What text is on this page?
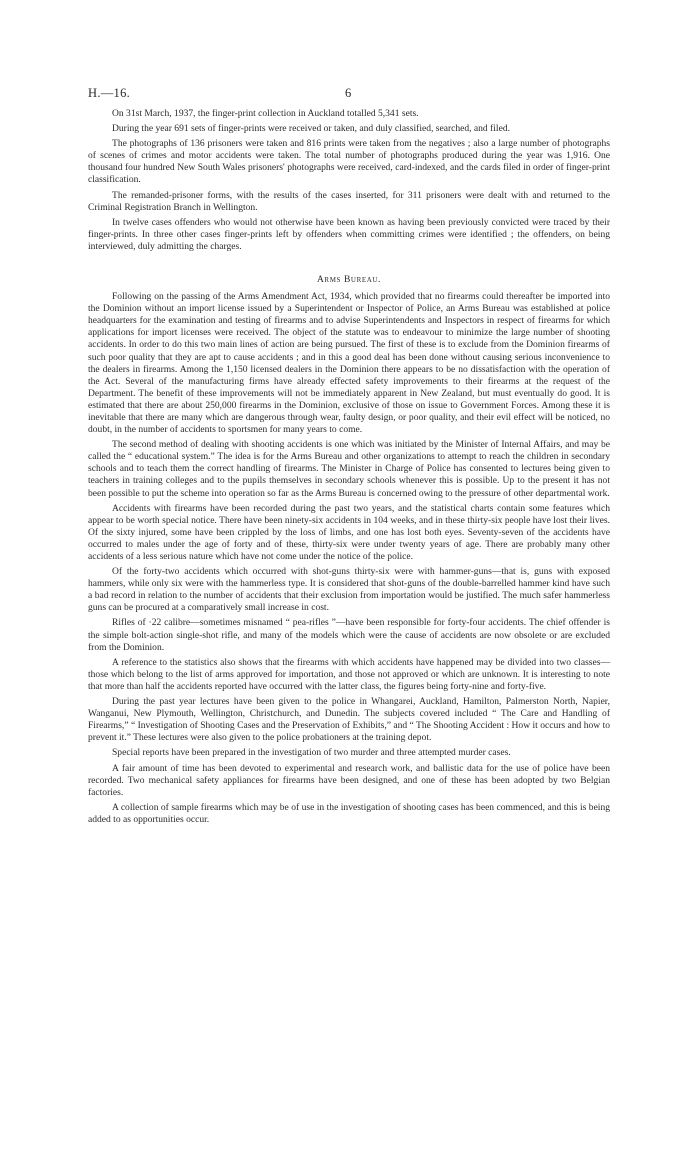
H.—16.	6

On 31st March, 1937, the finger-print collection in Auckland totalled 5,341 sets.

During the year 691 sets of finger-prints were received or taken, and duly classified, searched, and filed.

The photographs of 136 prisoners were taken and 816 prints were taken from the negatives ; also a large number of photographs of scenes of crimes and motor accidents were taken. The total number of photographs produced during the year was 1,916. One thousand four hundred New South Wales prisoners' photographs were received, card-indexed, and the cards filed in order of finger-print classification.

The remanded-prisoner forms, with the results of the cases inserted, for 311 prisoners were dealt with and returned to the Criminal Registration Branch in Wellington.

In twelve cases offenders who would not otherwise have been known as having been previously convicted were traced by their finger-prints. In three other cases finger-prints left by offenders when committing crimes were identified ; the offenders, on being interviewed, duly admitting the charges.

Arms Bureau.

Following on the passing of the Arms Amendment Act, 1934, which provided that no firearms could thereafter be imported into the Dominion without an import license issued by a Superintendent or Inspector of Police, an Arms Bureau was established at police headquarters for the examination and testing of firearms and to advise Superintendents and Inspectors in respect of firearms for which applications for import licenses were received. The object of the statute was to endeavour to minimize the large number of shooting accidents. In order to do this two main lines of action are being pursued. The first of these is to exclude from the Dominion firearms of such poor quality that they are apt to cause accidents ; and in this a good deal has been done without causing serious inconvenience to the dealers in firearms. Among the 1,150 licensed dealers in the Dominion there appears to be no dissatisfaction with the operation of the Act. Several of the manufacturing firms have already effected safety improvements to their firearms at the request of the Department. The benefit of these improvements will not be immediately apparent in New Zealand, but must eventually do good. It is estimated that there are about 250,000 firearms in the Dominion, exclusive of those on issue to Government Forces. Among these it is inevitable that there are many which are dangerous through wear, faulty design, or poor quality, and their evil effect will be noticed, no doubt, in the number of accidents to sportsmen for many years to come.

The second method of dealing with shooting accidents is one which was initiated by the Minister of Internal Affairs, and may be called the “ educational system.” The idea is for the Arms Bureau and other organizations to attempt to reach the children in secondary schools and to teach them the correct handling of firearms. The Minister in Charge of Police has consented to lectures being given to teachers in training colleges and to the pupils themselves in secondary schools whenever this is possible. Up to the present it has not been possible to put the scheme into operation so far as the Arms Bureau is concerned owing to the pressure of other departmental work.

Accidents with firearms have been recorded during the past two years, and the statistical charts contain some features which appear to be worth special notice. There have been ninety-six accidents in 104 weeks, and in these thirty-six people have lost their lives. Of the sixty injured, some have been crippled by the loss of limbs, and one has lost both eyes. Seventy-seven of the accidents have occurred to males under the age of forty and of these, thirty-six were under twenty years of age. There are probably many other accidents of a less serious nature which have not come under the notice of the police.

Of the forty-two accidents which occurred with shot-guns thirty-six were with hammer-guns—that is, guns with exposed hammers, while only six were with the hammerless type. It is considered that shot-guns of the double-barrelled hammer kind have such a bad record in relation to the number of accidents that their exclusion from importation would be justified. The much safer hammerless guns can be procured at a comparatively small increase in cost.

Rifles of ·22 calibre—sometimes misnamed “ pea-rifles ”—have been responsible for forty-four accidents. The chief offender is the simple bolt-action single-shot rifle, and many of the models which were the cause of accidents are now obsolete or are excluded from the Dominion.

A reference to the statistics also shows that the firearms with which accidents have happened may be divided into two classes—those which belong to the list of arms approved for importation, and those not approved or which are unknown. It is interesting to note that more than half the accidents reported have occurred with the latter class, the figures being forty-nine and forty-five.

During the past year lectures have been given to the police in Whangarei, Auckland, Hamilton, Palmerston North, Napier, Wanganui, New Plymouth, Wellington, Christchurch, and Dunedin. The subjects covered included “ The Care and Handling of Firearms,” “ Investigation of Shooting Cases and the Preservation of Exhibits,” and “ The Shooting Accident : How it occurs and how to prevent it.” These lectures were also given to the police probationers at the training depot.

Special reports have been prepared in the investigation of two murder and three attempted murder cases.

A fair amount of time has been devoted to experimental and research work, and ballistic data for the use of police have been recorded. Two mechanical safety appliances for firearms have been designed, and one of these has been adopted by two Belgian factories.

A collection of sample firearms which may be of use in the investigation of shooting cases has been commenced, and this is being added to as opportunities occur.
